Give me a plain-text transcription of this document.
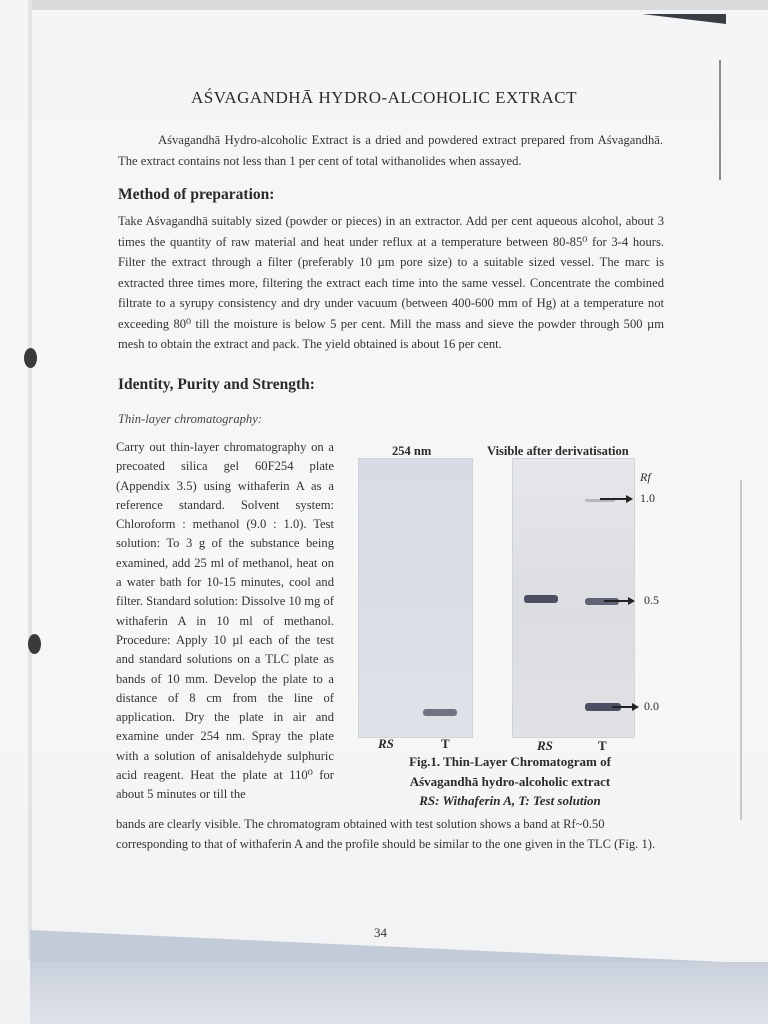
AŚVAGANDHĀ HYDRO-ALCOHOLIC EXTRACT

Aśvagandhā Hydro-alcoholic Extract is a dried and powdered extract prepared from Aśvagandhā. The extract contains not less than 1 per cent of total withanolides when assayed.

Method of preparation:

Take Aśvagandhā suitably sized (powder or pieces) in an extractor. Add per cent aqueous alcohol, about 3 times the quantity of raw material and heat under reflux at a temperature between 80-85⁰ for 3-4 hours. Filter the extract through a filter (preferably 10 µm pore size) to a suitable sized vessel. The marc is extracted three times more, filtering the extract each time into the same vessel. Concentrate the combined filtrate to a syrupy consistency and dry under vacuum (between 400-600 mm of Hg) at a temperature not exceeding 80⁰ till the moisture is below 5 per cent. Mill the mass and sieve the powder through 500 µm mesh to obtain the extract and pack. The yield obtained is about 16 per cent.

Identity, Purity and Strength:
Thin-layer chromatography:

Carry out thin-layer chromatography on a precoated silica gel 60F254 plate (Appendix 3.5) using withaferin A as a reference standard. Solvent system: Chloroform : methanol (9.0 : 1.0). Test solution: To 3 g of the substance being examined, add 25 ml of methanol, heat on a water bath for 10-15 minutes, cool and filter. Standard solution: Dissolve 10 mg of withaferin A in 10 ml of methanol. Procedure: Apply 10 µl each of the test and standard solutions on a TLC plate as bands of 10 mm. Develop the plate to a distance of 8 cm from the line of application. Dry the plate in air and examine under 254 nm. Spray the plate with a solution of anisaldehyde sulphuric acid reagent. Heat the plate at 110⁰ for about 5 minutes or till the

254 nm	Visible after derivatisation
Rf
1.0
0.5
0.0
RS	T	RS	T
Fig.1. Thin-Layer Chromatogram of
Aśvagandhā hydro-alcoholic extract
RS: Withaferin A, T: Test solution

bands are clearly visible. The chromatogram obtained with test solution shows a band at Rf~0.50 corresponding to that of withaferin A and the profile should be similar to the one given in the TLC (Fig. 1).

34
